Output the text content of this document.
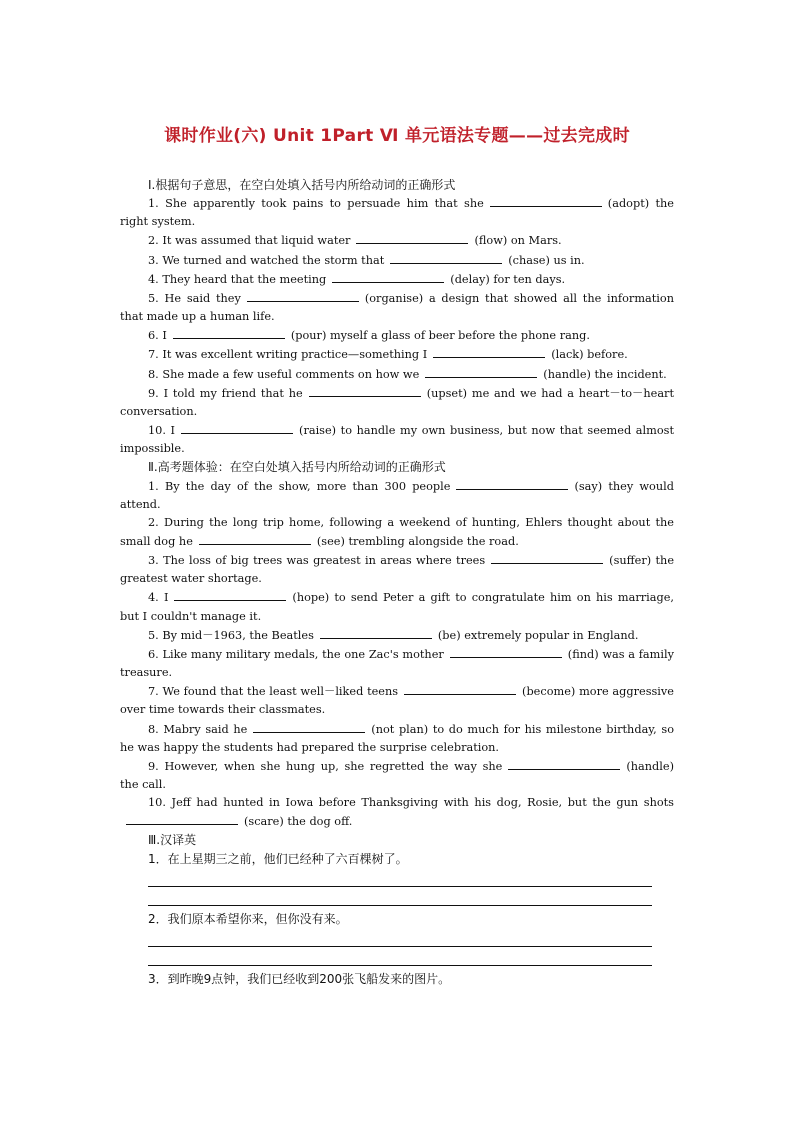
课时作业(六) Unit 1Part Ⅵ 单元语法专题——过去完成时

Ⅰ.根据句子意思，在空白处填入括号内所给动词的正确形式

1. She apparently took pains to persuade him that she	(adopt) the right system.

2. It was assumed that liquid water	(flow) on Mars.

3. We turned and watched the storm that	(chase) us in.

4. They heard that the meeting	(delay) for ten days.

5. He said they	(organise) a design that showed all the information that made up a human life.

6. I	(pour) myself a glass of beer before the phone rang.

7. It was excellent writing practice—something I	(lack) before.

8. She made a few useful comments on how we	(handle) the incident.

9. I told my friend that he	(upset) me and we had a heart－to－heart conversation.

10. I	(raise) to handle my own business, but now that seemed almost impossible.

Ⅱ.高考题体验：在空白处填入括号内所给动词的正确形式

1. By the day of the show, more than 300 people	(say) they would attend.

2. During the long trip home, following a weekend of hunting, Ehlers thought about the small dog he	(see) trembling alongside the road.

3. The loss of big trees was greatest in areas where trees	(suffer) the greatest water shortage.

4. I	(hope) to send Peter a gift to congratulate him on his marriage, but I couldn't manage it.

5. By mid－1963, the Beatles	(be) extremely popular in England.

6. Like many military medals, the one Zac's mother	(find) was a family treasure.

7. We found that the least well－liked teens	(become) more aggressive over time towards their classmates.

8. Mabry said he	(not plan) to do much for his milestone birthday, so he was happy the students had prepared the surprise celebration.

9. However, when she hung up, she regretted the way she	(handle) the call.

10. Jeff had hunted in Iowa before Thanksgiving with his dog, Rosie, but the gun shots(scare) the dog off.

Ⅲ.汉译英

1．在上星期三之前，他们已经种了六百棵树了。

2．我们原本希望你来，但你没有来。

3．到昨晚9点钟，我们已经收到200张飞船发来的图片。
